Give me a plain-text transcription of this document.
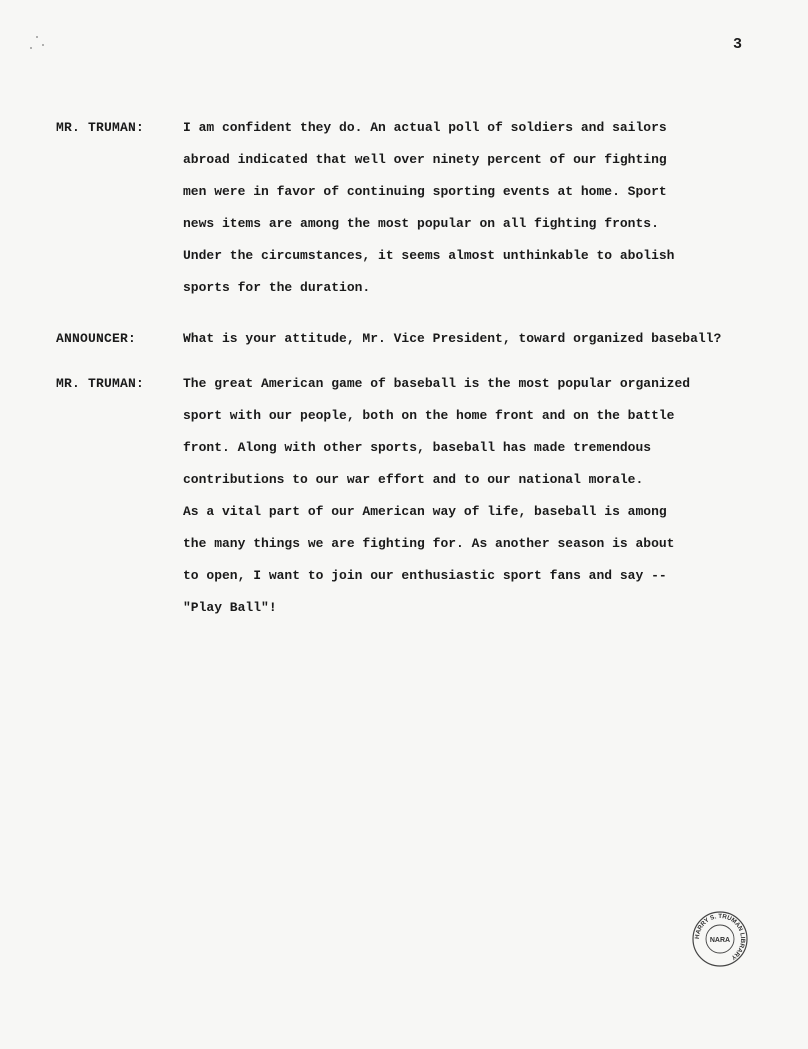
3
MR. TRUMAN:	I am confident they do. An actual poll of soldiers and sailors
abroad indicated that well over ninety percent of our fighting
men were in favor of continuing sporting events at home. Sport
news items are among the most popular on all fighting fronts.
Under the circumstances, it seems almost unthinkable to abolish
sports for the duration.
ANNOUNCER:	What is your attitude, Mr. Vice President, toward organized baseball?
MR. TRUMAN:	The great American game of baseball is the most popular organized
sport with our people, both on the home front and on the battle
front. Along with other sports, baseball has made tremendous
contributions to our war effort and to our national morale.
As a vital part of our American way of life, baseball is among
the many things we are fighting for. As another season is about
to open, I want to join our enthusiastic sport fans and say --
"Play Ball"!
HARRY S. TRUMAN LIBRARY
NARA
